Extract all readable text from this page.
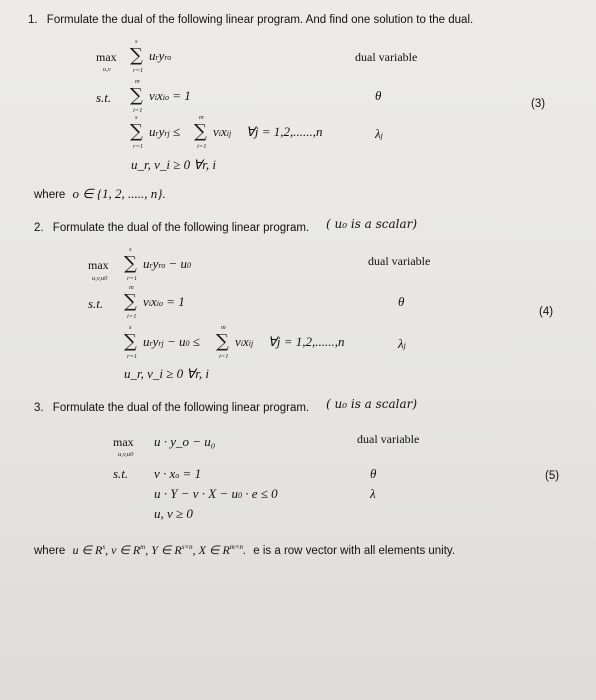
1. Formulate the dual of the following linear program. And find one solution to the dual.
max
u,v
s
∑
r=1
uryro	dual variable
s.t.
m
∑
i=1
vixio = 1	θ
(3)
s
∑
r=1
uryrj ≤
m
∑
i=1
vixij ∀j = 1,2,......,n	λj
u_r, v_i ≥ 0 ∀r, i
where o ∈ {1, 2, ....., n}.
2. Formulate the dual of the following linear program. ( u₀ is a scalar)
max
u,v,u0
s
∑
r=1
uryro − u0	dual variable
s.t.
m
∑
i=1
vixio = 1	θ
(4)
s
∑
r=1
uryrj − u0 ≤
m
∑
i=1
vixij ∀j = 1,2,......,n	λj
u_r, v_i ≥ 0 ∀r, i
3. Formulate the dual of the following linear program. ( u₀ is a scalar)
max
u,v,u0
u · y_o − u₀	dual variable
s.t. v · xo = 1	θ	(5)
u · Y − v · X − u0 · e ≤ 0	λ
u, v ≥ 0
where u ∈ $R^s$, v ∈ $R^m$, Y ∈ $R^{s\times n}$, X ∈ $R^{m\times n}$. e is a row vector with all elements unity.
